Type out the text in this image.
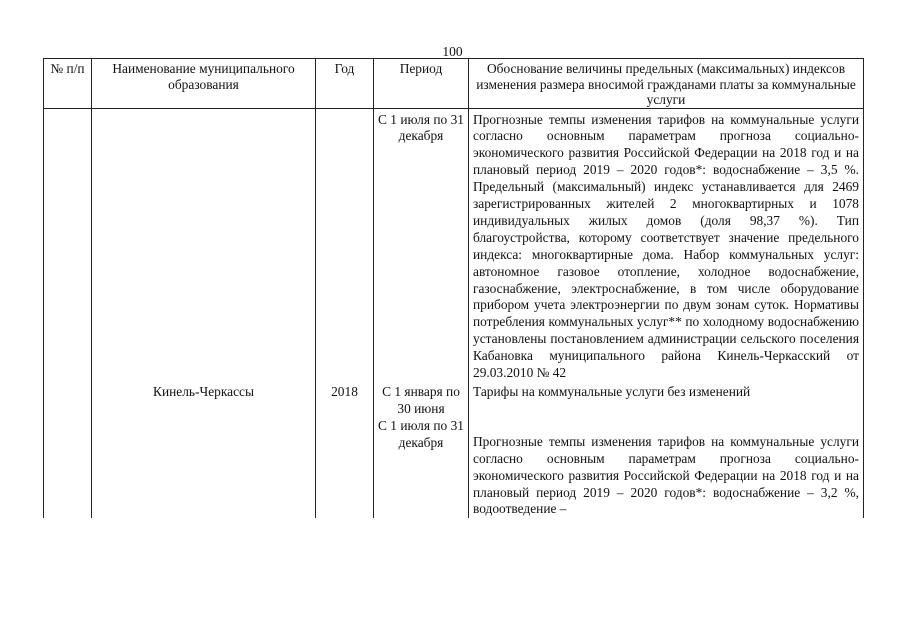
100
№ п/п	Наименование муниципального образования	Год	Период	Обоснование величины предельных (максимальных) индексов изменения размера вносимой гражданами платы за коммунальные услуги
			С 1 июля по 31 декабря	Прогнозные темпы изменения тарифов на коммунальные услуги согласно основным параметрам прогноза социально-экономического развития Российской Федерации на 2018 год и на плановый период 2019 – 2020 годов*: водоснабжение – 3,5 %. Предельный (максимальный) индекс устанавливается для 2469 зарегистрированных жителей 2 многоквартирных и 1078 индивидуальных жилых домов (доля 98,37 %). Тип благоустройства, которому соответствует значение предельного индекса: многоквартирные дома. Набор коммунальных услуг: автономное газовое отопление, холодное водоснабжение, газоснабжение, электроснабжение, в том числе оборудование прибором учета электроэнергии по двум зонам суток. Нормативы потребления коммунальных услуг** по холодному водоснабжению установлены постановлением администрации сельского поселения Кабановка муниципального района Кинель-Черкасский от 29.03.2010 № 42
	Кинель-Черкассы	2018	С 1 января по 30 июня	Тарифы на коммунальные услуги без изменений
			С 1 июля по 31 декабря	Прогнозные темпы изменения тарифов на коммунальные услуги согласно основным параметрам прогноза социально-экономического развития Российской Федерации на 2018 год и на плановый период 2019 – 2020 годов*: водоснабжение – 3,2 %, водоотведение –
